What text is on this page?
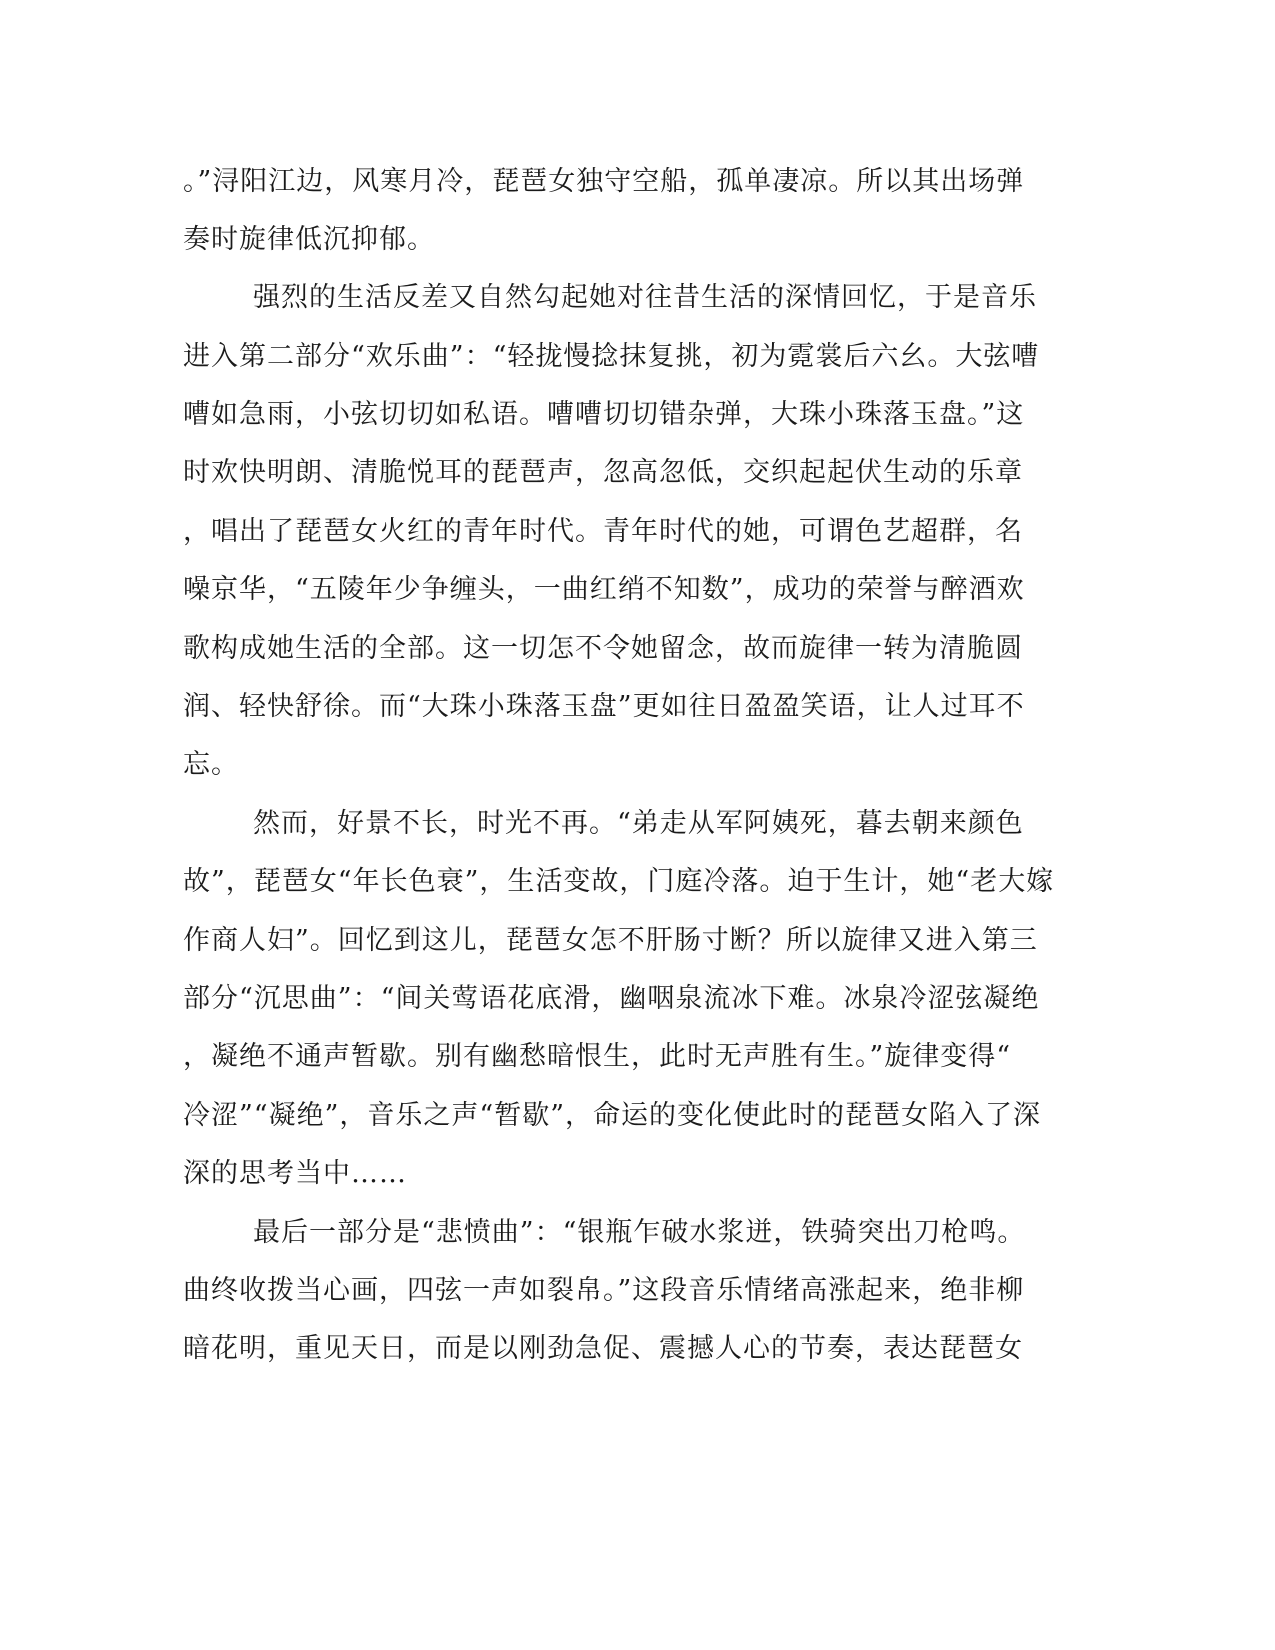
。”浔阳江边，风寒月冷，琵琶女独守空船，孤单凄凉。所以其出场弹
奏时旋律低沉抑郁。
强烈的生活反差又自然勾起她对往昔生活的深情回忆，于是音乐
进入第二部分“欢乐曲”：“轻拢慢捻抹复挑，初为霓裳后六幺。大弦嘈
嘈如急雨，小弦切切如私语。嘈嘈切切错杂弹，大珠小珠落玉盘。”这
时欢快明朗、清脆悦耳的琵琶声，忽高忽低，交织起起伏生动的乐章
，唱出了琵琶女火红的青年时代。青年时代的她，可谓色艺超群，名
噪京华，“五陵年少争缠头，一曲红绡不知数”，成功的荣誉与醉酒欢
歌构成她生活的全部。这一切怎不令她留念，故而旋律一转为清脆圆
润、轻快舒徐。而“大珠小珠落玉盘”更如往日盈盈笑语，让人过耳不
忘。
然而，好景不长，时光不再。“弟走从军阿姨死，暮去朝来颜色
故”，琵琶女“年长色衰”，生活变故，门庭冷落。迫于生计，她“老大嫁
作商人妇”。回忆到这儿，琵琶女怎不肝肠寸断？所以旋律又进入第三
部分“沉思曲”：“间关莺语花底滑，幽咽泉流冰下难。冰泉冷涩弦凝绝
，凝绝不通声暂歇。别有幽愁暗恨生，此时无声胜有生。”旋律变得“
冷涩”“凝绝”，音乐之声“暂歇”，命运的变化使此时的琵琶女陷入了深
深的思考当中……
最后一部分是“悲愤曲”：“银瓶乍破水浆迸，铁骑突出刀枪鸣。
曲终收拨当心画，四弦一声如裂帛。”这段音乐情绪高涨起来，绝非柳
暗花明，重见天日，而是以刚劲急促、震撼人心的节奏，表达琵琶女
